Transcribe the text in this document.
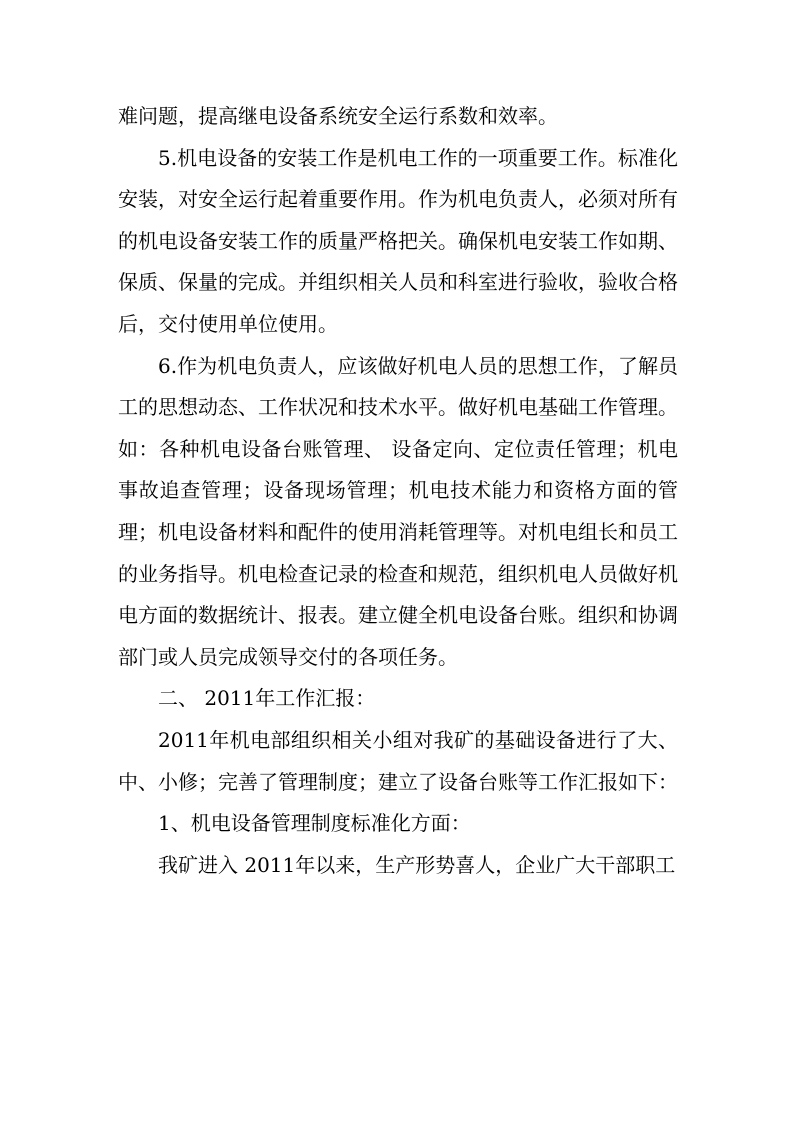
难问题，提高继电设备系统安全运行系数和效率。

5.机电设备的安装工作是机电工作的一项重要工作。标准化安装，对安全运行起着重要作用。作为机电负责人，必须对所有的机电设备安装工作的质量严格把关。确保机电安装工作如期、保质、保量的完成。并组织相关人员和科室进行验收，验收合格后，交付使用单位使用。

6.作为机电负责人，应该做好机电人员的思想工作，了解员工的思想动态、工作状况和技术水平。做好机电基础工作管理。如：各种机电设备台账管理、 设备定向、定位责任管理；机电事故追查管理；设备现场管理；机电技术能力和资格方面的管理；机电设备材料和配件的使用消耗管理等。对机电组长和员工的业务指导。机电检查记录的检查和规范，组织机电人员做好机电方面的数据统计、报表。建立健全机电设备台账。组织和协调部门或人员完成领导交付的各项任务。

二、 2011年工作汇报：

2011年机电部组织相关小组对我矿的基础设备进行了大、中、小修；完善了管理制度；建立了设备台账等工作汇报如下：

1、机电设备管理制度标准化方面：

我矿进入 2011年以来，生产形势喜人，企业广大干部职工
